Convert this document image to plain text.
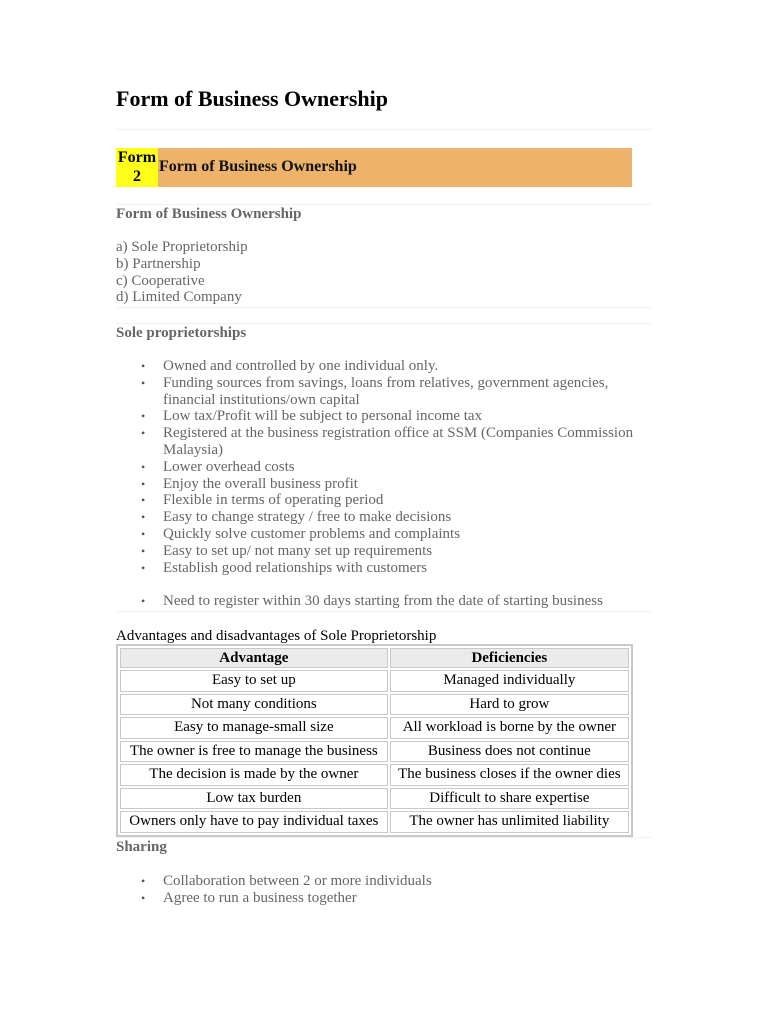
Form of Business Ownership
Form
2
Form of Business Ownership
Form of Business Ownership
a) Sole Proprietorship
b) Partnership
c) Cooperative
d) Limited Company
Sole proprietorships
• Owned and controlled by one individual only.
• Funding sources from savings, loans from relatives, government agencies, financial institutions/own capital
• Low tax/Profit will be subject to personal income tax
• Registered at the business registration office at SSM (Companies Commission Malaysia)
• Lower overhead costs
• Enjoy the overall business profit
• Flexible in terms of operating period
• Easy to change strategy / free to make decisions
• Quickly solve customer problems and complaints
• Easy to set up/ not many set up requirements
• Establish good relationships with customers
• Need to register within 30 days starting from the date of starting business
Advantages and disadvantages of Sole Proprietorship
Advantage	Deficiencies
Easy to set up	Managed individually
Not many conditions	Hard to grow
Easy to manage-small size	All workload is borne by the owner
The owner is free to manage the business	Business does not continue
The decision is made by the owner	The business closes if the owner dies
Low tax burden	Difficult to share expertise
Owners only have to pay individual taxes	The owner has unlimited liability
Sharing
• Collaboration between 2 or more individuals
• Agree to run a business together
